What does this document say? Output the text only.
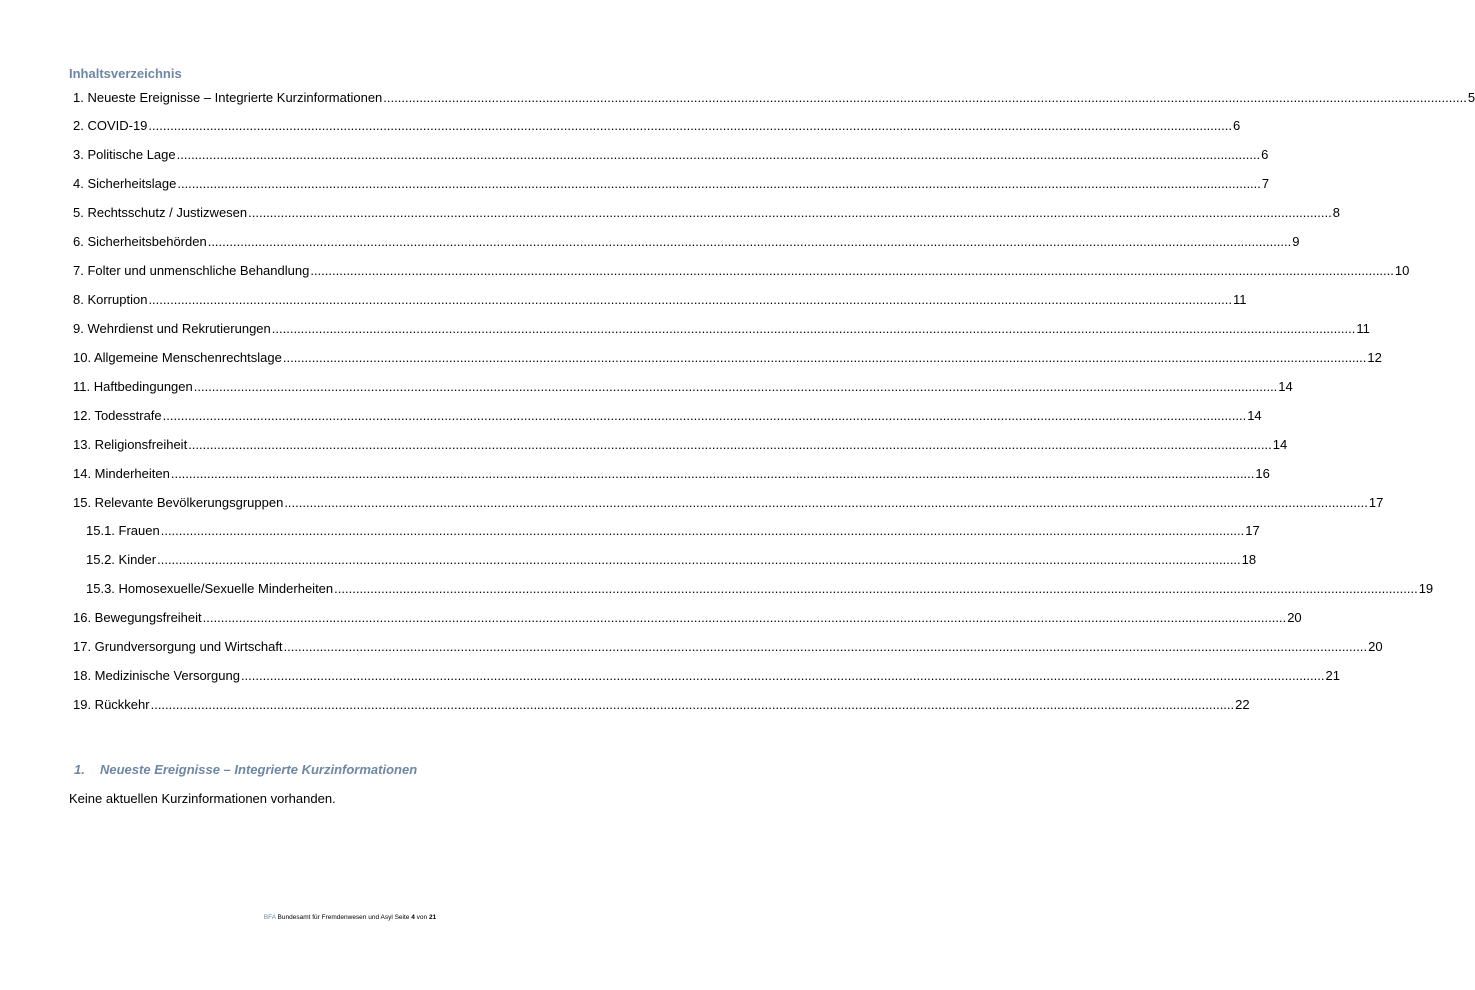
Inhaltsverzeichnis
1. Neueste Ereignisse – Integrierte Kurzinformationen ............................................................................................................................................................................................................................................................................................................ 5
2. COVID-19 ............................................................................................................................................................................................................................................................................................................ 6
3. Politische Lage ............................................................................................................................................................................................................................................................................................................ 6
4. Sicherheitslage ............................................................................................................................................................................................................................................................................................................ 7
5. Rechtsschutz / Justizwesen ............................................................................................................................................................................................................................................................................................................ 8
6. Sicherheitsbehörden ............................................................................................................................................................................................................................................................................................................ 9
7. Folter und unmenschliche Behandlung ............................................................................................................................................................................................................................................................................................................ 10
8. Korruption ............................................................................................................................................................................................................................................................................................................ 11
9. Wehrdienst und Rekrutierungen ............................................................................................................................................................................................................................................................................................................ 11
10. Allgemeine Menschenrechtslage ............................................................................................................................................................................................................................................................................................................ 12
11. Haftbedingungen ............................................................................................................................................................................................................................................................................................................ 14
12. Todesstrafe ............................................................................................................................................................................................................................................................................................................ 14
13. Religionsfreiheit ............................................................................................................................................................................................................................................................................................................ 14
14. Minderheiten ............................................................................................................................................................................................................................................................................................................ 16
15. Relevante Bevölkerungsgruppen ............................................................................................................................................................................................................................................................................................................ 17
15.1. Frauen ............................................................................................................................................................................................................................................................................................................ 17
15.2. Kinder ............................................................................................................................................................................................................................................................................................................ 18
15.3. Homosexuelle/Sexuelle Minderheiten ............................................................................................................................................................................................................................................................................................................ 19
16. Bewegungsfreiheit ............................................................................................................................................................................................................................................................................................................ 20
17. Grundversorgung und Wirtschaft ............................................................................................................................................................................................................................................................................................................ 20
18. Medizinische Versorgung ............................................................................................................................................................................................................................................................................................................ 21
19. Rückkehr ............................................................................................................................................................................................................................................................................................................ 22
1. Neueste Ereignisse – Integrierte Kurzinformationen
Keine aktuellen Kurzinformationen vorhanden.
BFA Bundesamt für Fremdenwesen und Asyl Seite 4 von 21
